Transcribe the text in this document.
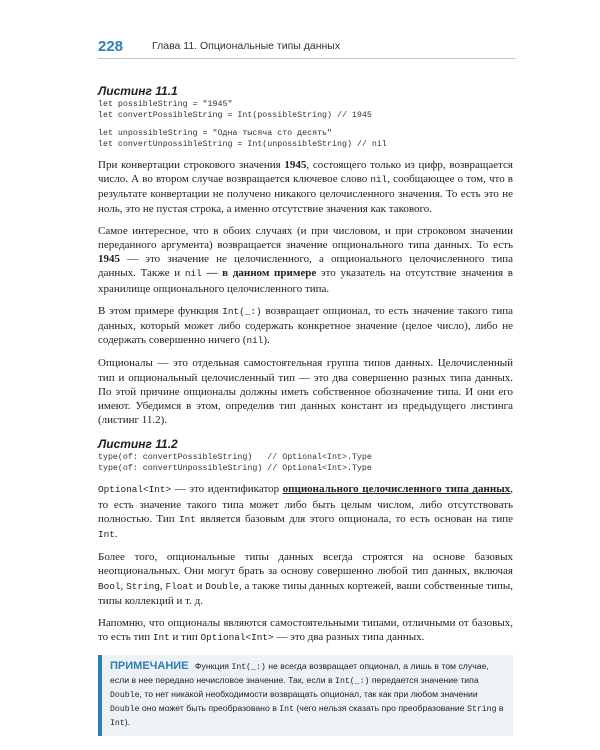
228	Глава 11. Опциональные типы данных
Листинг 11.1
let possibleString = "1945"
let convertPossibleString = Int(possibleString) // 1945
let unpossibleString = "Одна тысяча сто десять"
let convertUnpossibleString = Int(unpossibleString) // nil

При конвертации строкового значения 1945, состоящего только из цифр, возвращается число. А во втором случае возвращается ключевое слово nil, сообщающее о том, что в результате конвертации не получено никакого целочисленного значения. То есть это не ноль, это не пустая строка, а именно отсутствие значения как такового.

Самое интересное, что в обоих случаях (и при числовом, и при строковом значении переданного аргумента) возвращается значение опционального типа данных. То есть 1945 — это значение не целочисленного, а опционального целочисленного типа данных. Также и nil — в данном примере это указатель на отсутствие значения в хранилище опционального целочисленного типа.

В этом примере функция Int(_:) возвращает опционал, то есть значение такого типа данных, который может либо содержать конкретное значение (целое число), либо не содержать совершенно ничего (nil).

Опционалы — это отдельная самостоятельная группа типов данных. Целочисленный тип и опциональный целочисленный тип — это два совершенно разных типа данных. По этой причине опционалы должны иметь собственное обозначение типа. И они его имеют. Убедимся в этом, определив тип данных констант из предыдущего листинга (листинг 11.2).

Листинг 11.2
type(of: convertPossibleString)   // Optional<Int>.Type
type(of: convertUnpossibleString) // Optional<Int>.Type

Optional<Int> — это идентификатор опционального целочисленного типа данных, то есть значение такого типа может либо быть целым числом, либо отсутствовать полностью. Тип Int является базовым для этого опционала, то есть основан на типе Int.

Более того, опциональные типы данных всегда строятся на основе базовых неопциональных. Они могут брать за основу совершенно любой тип данных, включая Bool, String, Float и Double, а также типы данных кортежей, ваши собственные типы, типы коллекций и т. д.

Напомню, что опционалы являются самостоятельными типами, отличными от базовых, то есть тип Int и тип Optional<Int> — это два разных типа данных.

ПРИМЕЧАНИЕ Функция Int(_:) не всегда возвращает опционал, а лишь в том случае, если в нее передано нечисловое значение. Так, если в Int(_:) передается значение типа Double, то нет никакой необходимости возвращать опционал, так как при любом значении Double оно может быть преобразовано в Int (чего нельзя сказать про преобразование String в Int).
